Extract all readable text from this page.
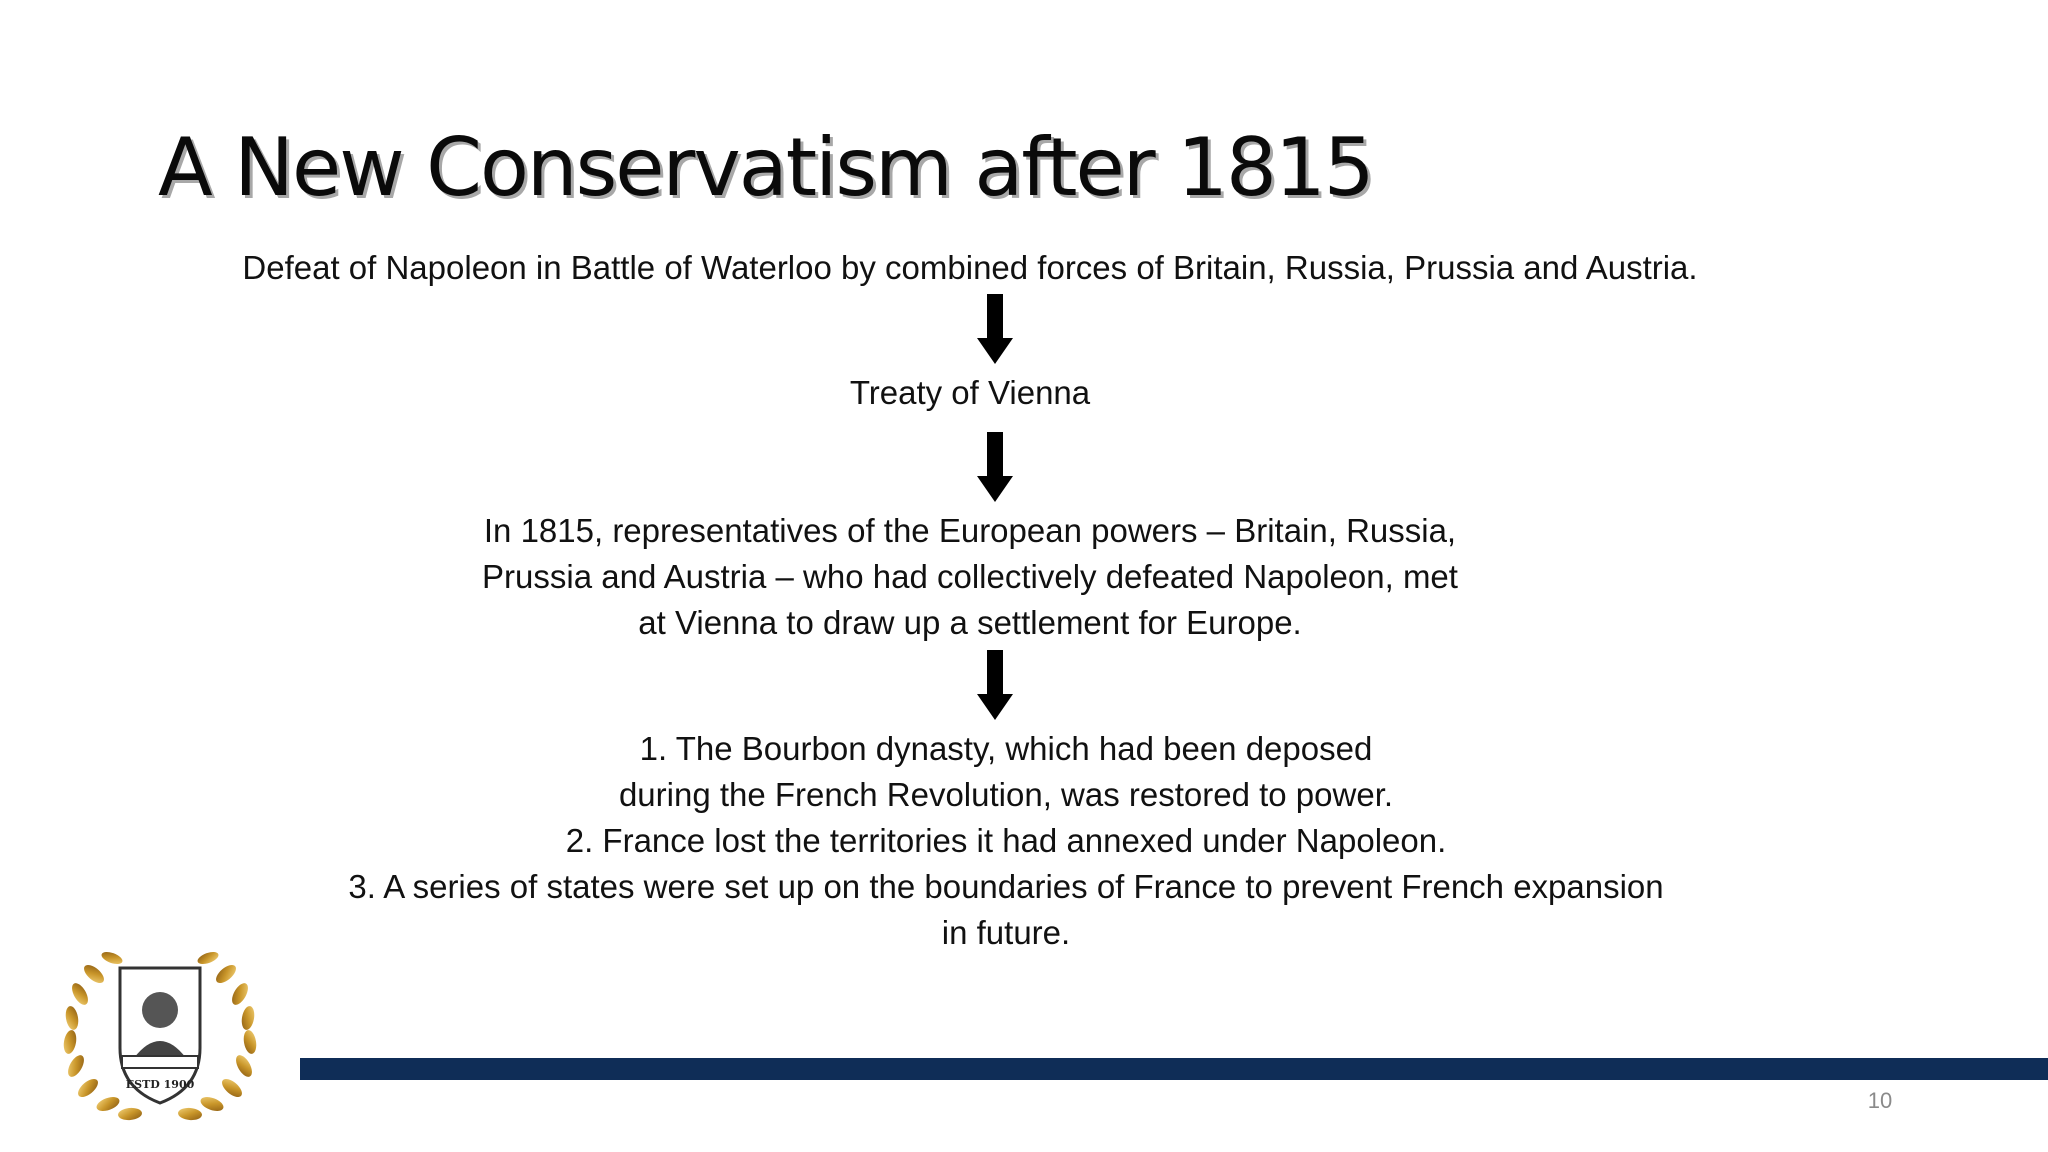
A New Conservatism after 1815

Defeat of Napoleon in Battle of Waterloo by combined forces of Britain, Russia, Prussia and Austria.

Treaty of Vienna

In 1815, representatives of the European powers – Britain, Russia,
Prussia and Austria – who had collectively defeated Napoleon, met
at Vienna to draw up a settlement for Europe.

1. The Bourbon dynasty, which had been deposed
during the French Revolution, was restored to power.
2. France lost the territories it had annexed under Napoleon.
3. A series of states were set up on the boundaries of France to prevent French expansion
in future.

ESTD 1900
10
